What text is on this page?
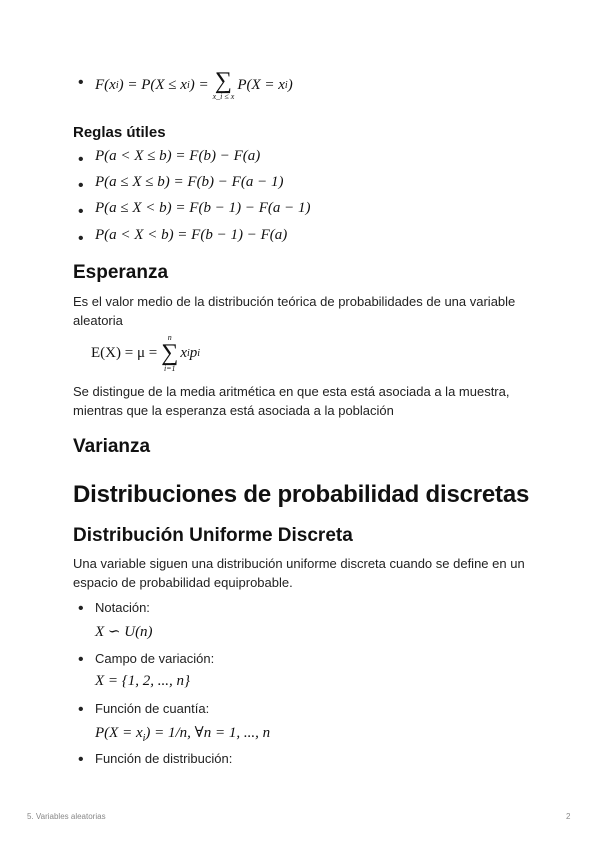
• F(x i ) = P(X ≤ x i ) = ∑
x_i ≤ x
P(X = x i )
Reglas útiles
• P(a < X ≤ b) = F(b) − F(a)
• P(a ≤ X ≤ b) = F(b) − F(a − 1)
• P(a ≤ X < b) = F(b − 1) − F(a − 1)
• P(a < X < b) = F(b − 1) − F(a)
Esperanza
Es el valor medio de la distribución teórica de probabilidades de una variable
aleatoria
E(X) = μ =
n
∑
i=1
x i p i
Se distingue de la media aritmética en que esta está asociada a la muestra,
mientras que la esperanza está asociada a la población
Varianza
Distribuciones de probabilidad discretas
Distribución Uniforme Discreta
Una variable siguen una distribución uniforme discreta cuando se define en un
espacio de probabilidad equiprobable.
• Notación:
X ∽ U(n)
• Campo de variación:
X = {1, 2, ..., n}
• Función de cuantía:
$P(X = x_i) = 1/n$, ∀n = 1, ..., n
• Función de distribución:
5. Variables aleatorias	2
